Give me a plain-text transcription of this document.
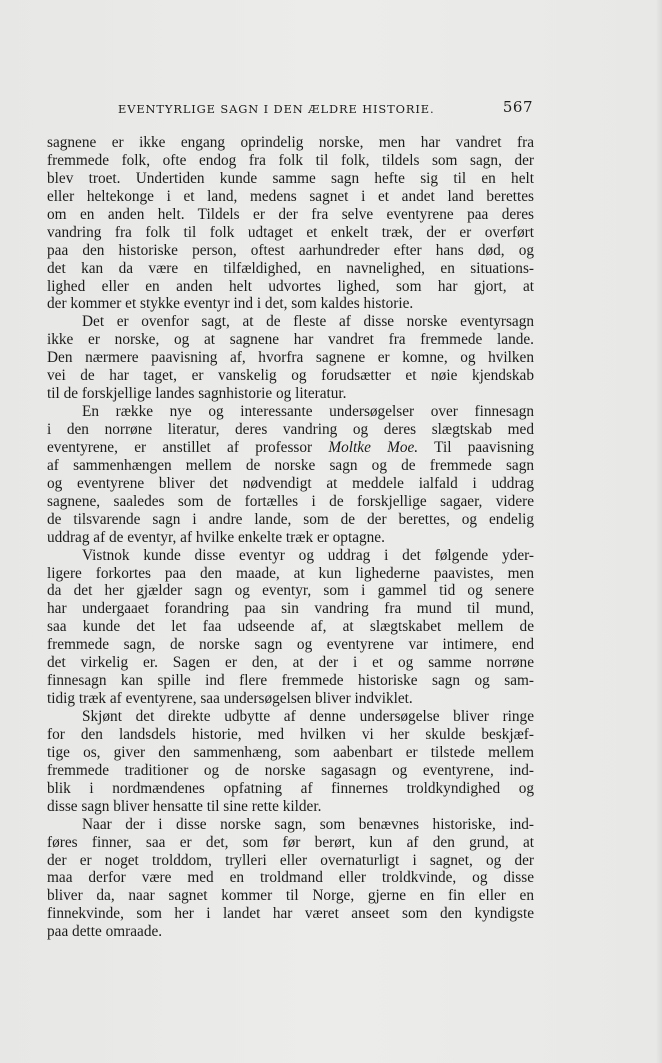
EVENTYRLIGE SAGN I DEN ÆLDRE HISTORIE.	567
sagnene er ikke engang oprindelig norske, men har vandret fra
fremmede folk, ofte endog fra folk til folk, tildels som sagn, der
blev troet. Undertiden kunde samme sagn hefte sig til en helt
eller heltekonge i et land, medens sagnet i et andet land berettes
om en anden helt. Tildels er der fra selve eventyrene paa deres
vandring fra folk til folk udtaget et enkelt træk, der er overført
paa den historiske person, oftest aarhundreder efter hans død, og
det kan da være en tilfældighed, en navnelighed, en situations-
lighed eller en anden helt udvortes lighed, som har gjort, at
der kommer et stykke eventyr ind i det, som kaldes historie.
Det er ovenfor sagt, at de fleste af disse norske eventyrsagn
ikke er norske, og at sagnene har vandret fra fremmede lande.
Den nærmere paavisning af, hvorfra sagnene er komne, og hvilken
vei de har taget, er vanskelig og forudsætter et nøie kjendskab
til de forskjellige landes sagnhistorie og literatur.
En række nye og interessante undersøgelser over finnesagn
i den norrøne literatur, deres vandring og deres slægtskab med
eventyrene, er anstillet af professor Moltke Moe. Til paavisning
af sammenhængen mellem de norske sagn og de fremmede sagn
og eventyrene bliver det nødvendigt at meddele ialfald i uddrag
sagnene, saaledes som de fortælles i de forskjellige sagaer, videre
de tilsvarende sagn i andre lande, som de der berettes, og endelig
uddrag af de eventyr, af hvilke enkelte træk er optagne.
Vistnok kunde disse eventyr og uddrag i det følgende yder-
ligere forkortes paa den maade, at kun lighederne paavistes, men
da det her gjælder sagn og eventyr, som i gammel tid og senere
har undergaaet forandring paa sin vandring fra mund til mund,
saa kunde det let faa udseende af, at slægtskabet mellem de
fremmede sagn, de norske sagn og eventyrene var intimere, end
det virkelig er. Sagen er den, at der i et og samme norrøne
finnesagn kan spille ind flere fremmede historiske sagn og sam-
tidig træk af eventyrene, saa undersøgelsen bliver indviklet.
Skjønt det direkte udbytte af denne undersøgelse bliver ringe
for den landsdels historie, med hvilken vi her skulde beskjæf-
tige os, giver den sammenhæng, som aabenbart er tilstede mellem
fremmede traditioner og de norske sagasagn og eventyrene, ind-
blik i nordmændenes opfatning af finnernes troldkyndighed og
disse sagn bliver hensatte til sine rette kilder.
Naar der i disse norske sagn, som benævnes historiske, ind-
føres finner, saa er det, som før berørt, kun af den grund, at
der er noget trolddom, trylleri eller overnaturligt i sagnet, og der
maa derfor være med en troldmand eller troldkvinde, og disse
bliver da, naar sagnet kommer til Norge, gjerne en fin eller en
finnekvinde, som her i landet har været anseet som den kyndigste
paa dette omraade.
